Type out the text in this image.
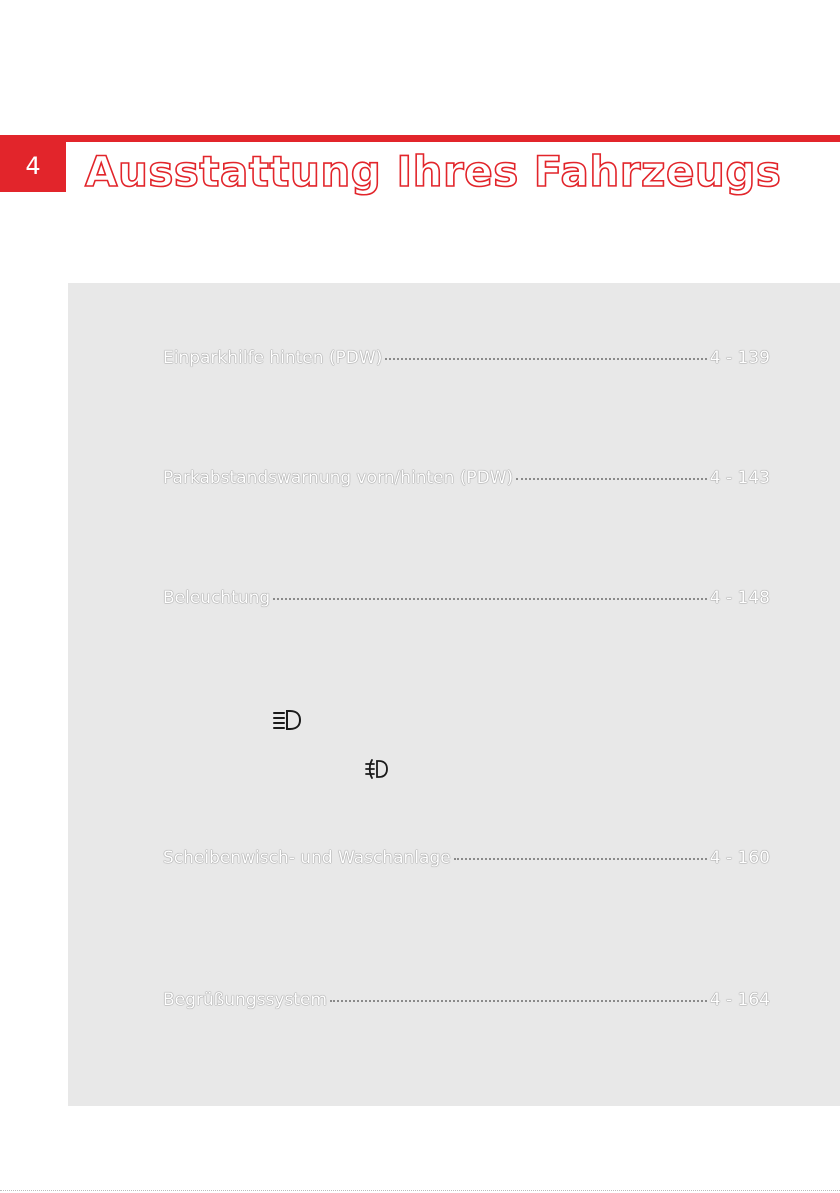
4	Ausstattung Ihres Fahrzeugs
Einparkhilfe hinten (PDW)	4 - 139
Parkabstandswarnung vorn/hinten (PDW)	4 - 143
Beleuchtung	4 - 148
Scheibenwisch- und Waschanlage	4 - 160
Begrüßungssystem	4 - 164
